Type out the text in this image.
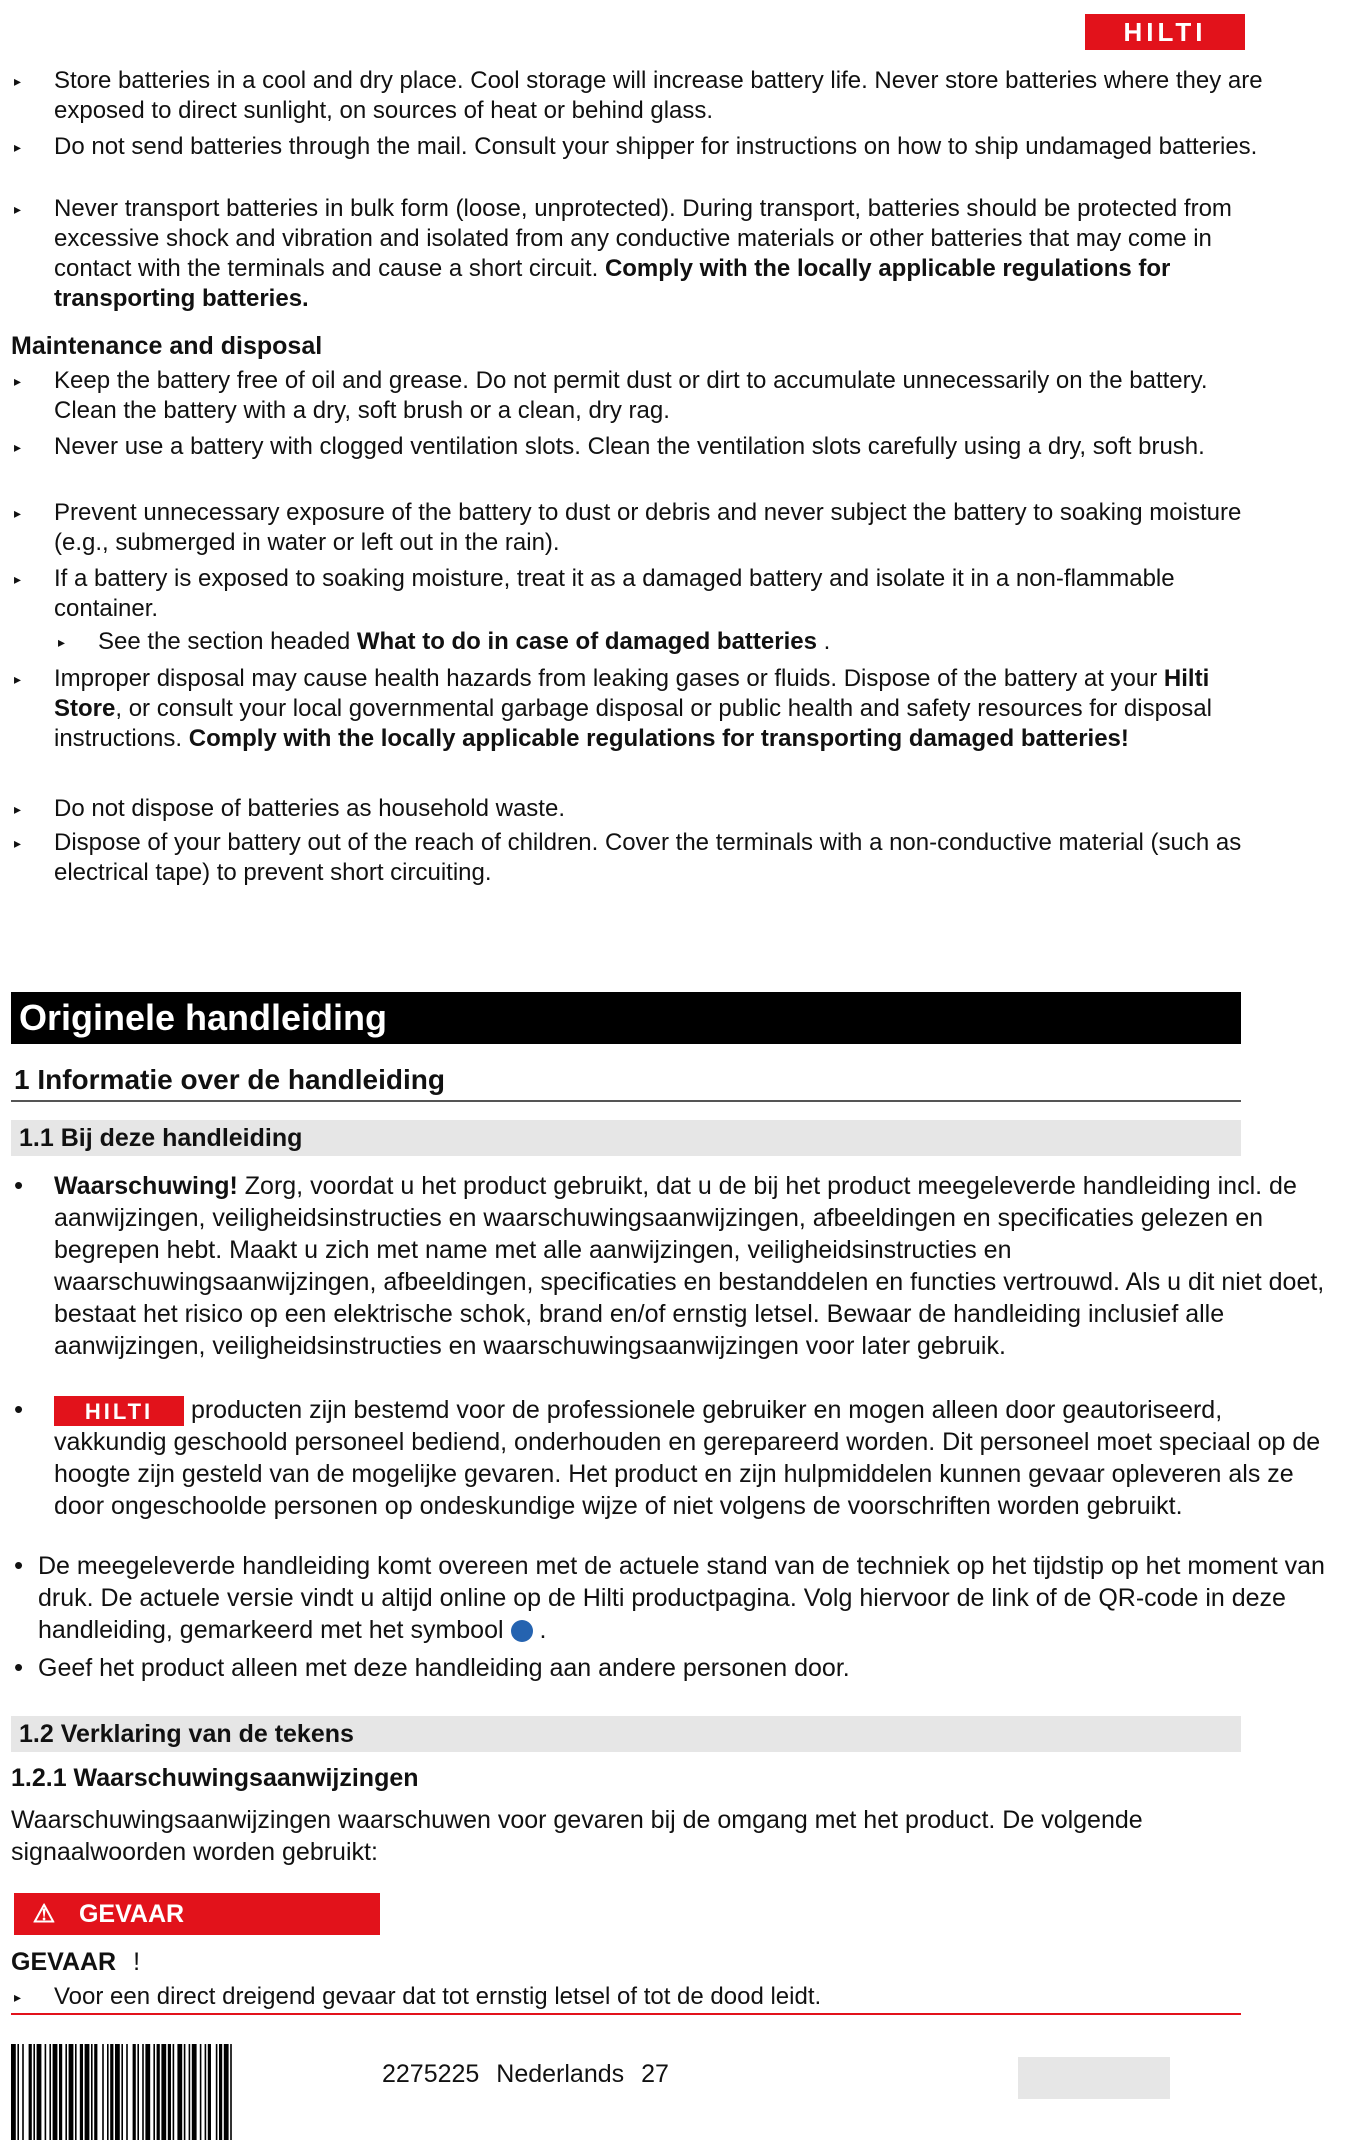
HILTI
▸	Store batteries in a cool and dry place. Cool storage will increase battery life. Never store batteries where they are exposed to direct sunlight, on sources of heat or behind glass.
▸	Do not send batteries through the mail. Consult your shipper for instructions on how to ship undamaged batteries.
▸	Never transport batteries in bulk form (loose, unprotected). During transport, batteries should be protected from excessive shock and vibration and isolated from any conductive materials or other batteries that may come in contact with the terminals and cause a short circuit. Comply with the locally applicable regulations for transporting batteries.
Maintenance and disposal
▸	Keep the battery free of oil and grease. Do not permit dust or dirt to accumulate unnecessarily on the battery. Clean the battery with a dry, soft brush or a clean, dry rag.
▸	Never use a battery with clogged ventilation slots. Clean the ventilation slots carefully using a dry, soft brush.
▸	Prevent unnecessary exposure of the battery to dust or debris and never subject the battery to soaking moisture (e.g., submerged in water or left out in the rain).
▸	If a battery is exposed to soaking moisture, treat it as a damaged battery and isolate it in a non-flammable container.
▸	See the section headed What to do in case of damaged batteries .
▸	Improper disposal may cause health hazards from leaking gases or fluids. Dispose of the battery at your Hilti Store, or consult your local governmental garbage disposal or public health and safety resources for disposal instructions. Comply with the locally applicable regulations for transporting damaged batteries!
▸	Do not dispose of batteries as household waste.
▸	Dispose of your battery out of the reach of children. Cover the terminals with a non-conductive material (such as electrical tape) to prevent short circuiting.
Originele handleiding
1 Informatie over de handleiding
1.1 Bij deze handleiding
• Waarschuwing! Zorg, voordat u het product gebruikt, dat u de bij het product meegeleverde handleiding incl. de aanwijzingen, veiligheidsinstructies en waarschuwingsaanwijzingen, afbeeldingen en specificaties gelezen en begrepen hebt. Maakt u zich met name met alle aanwijzingen, veiligheidsinstructies en waarschuwingsaanwijzingen, afbeeldingen, specificaties en bestanddelen en functies vertrouwd. Als u dit niet doet, bestaat het risico op een elektrische schok, brand en/of ernstig letsel. Bewaar de handleiding inclusief alle aanwijzingen, veiligheidsinstructies en waarschuwingsaanwijzingen voor later gebruik.
•	HILTI producten zijn bestemd voor de professionele gebruiker en mogen alleen door geautoriseerd, vakkundig geschoold personeel bediend, onderhouden en gerepareerd worden. Dit personeel moet speciaal op de hoogte zijn gesteld van de mogelijke gevaren. Het product en zijn hulpmiddelen kunnen gevaar opleveren als ze door ongeschoolde personen op ondeskundige wijze of niet volgens de voorschriften worden gebruikt.
• De meegeleverde handleiding komt overeen met de actuele stand van de techniek op het tijdstip op het moment van druk. De actuele versie vindt u altijd online op de Hilti productpagina. Volg hiervoor de link of de QR-code in deze handleiding, gemarkeerd met het symbool .
• Geef het product alleen met deze handleiding aan andere personen door.
1.2 Verklaring van de tekens
1.2.1 Waarschuwingsaanwijzingen
Waarschuwingsaanwijzingen waarschuwen voor gevaren bij de omgang met het product. De volgende signaalwoorden worden gebruikt:
⚠ GEVAAR
GEVAAR !
▸	Voor een direct dreigend gevaar dat tot ernstig letsel of tot de dood leidt.
2275225 Nederlands 27
